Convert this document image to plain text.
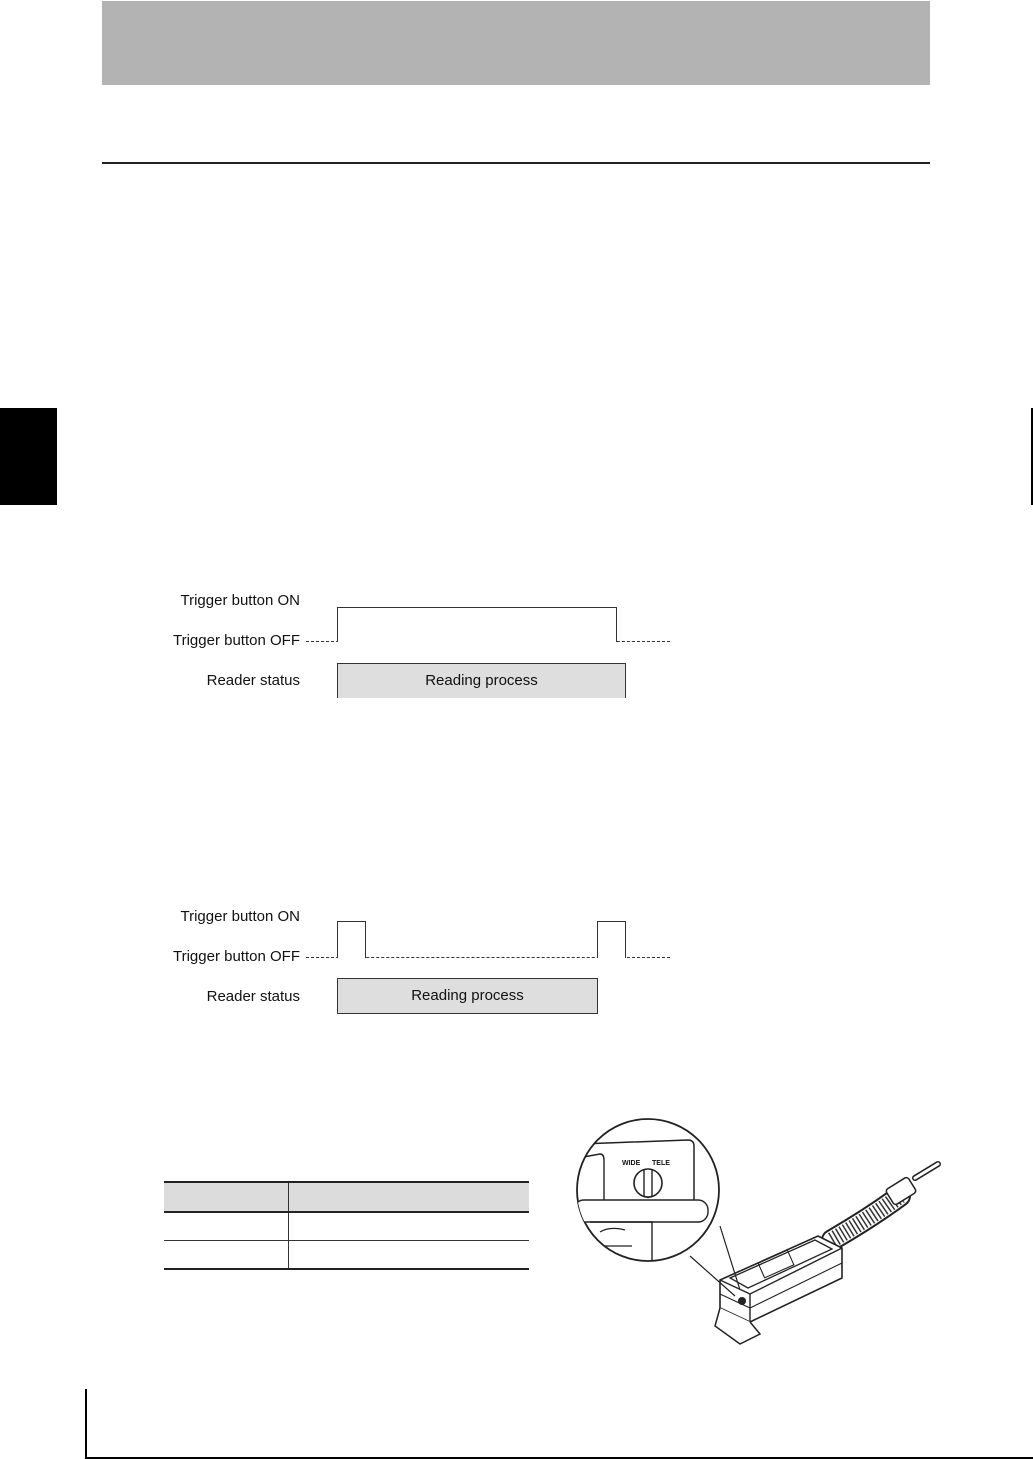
Trigger button ON
Trigger button OFF
Reader status	Reading process
Trigger button ON
Trigger button OFF
Reader status	Reading process

WIDE TELE
